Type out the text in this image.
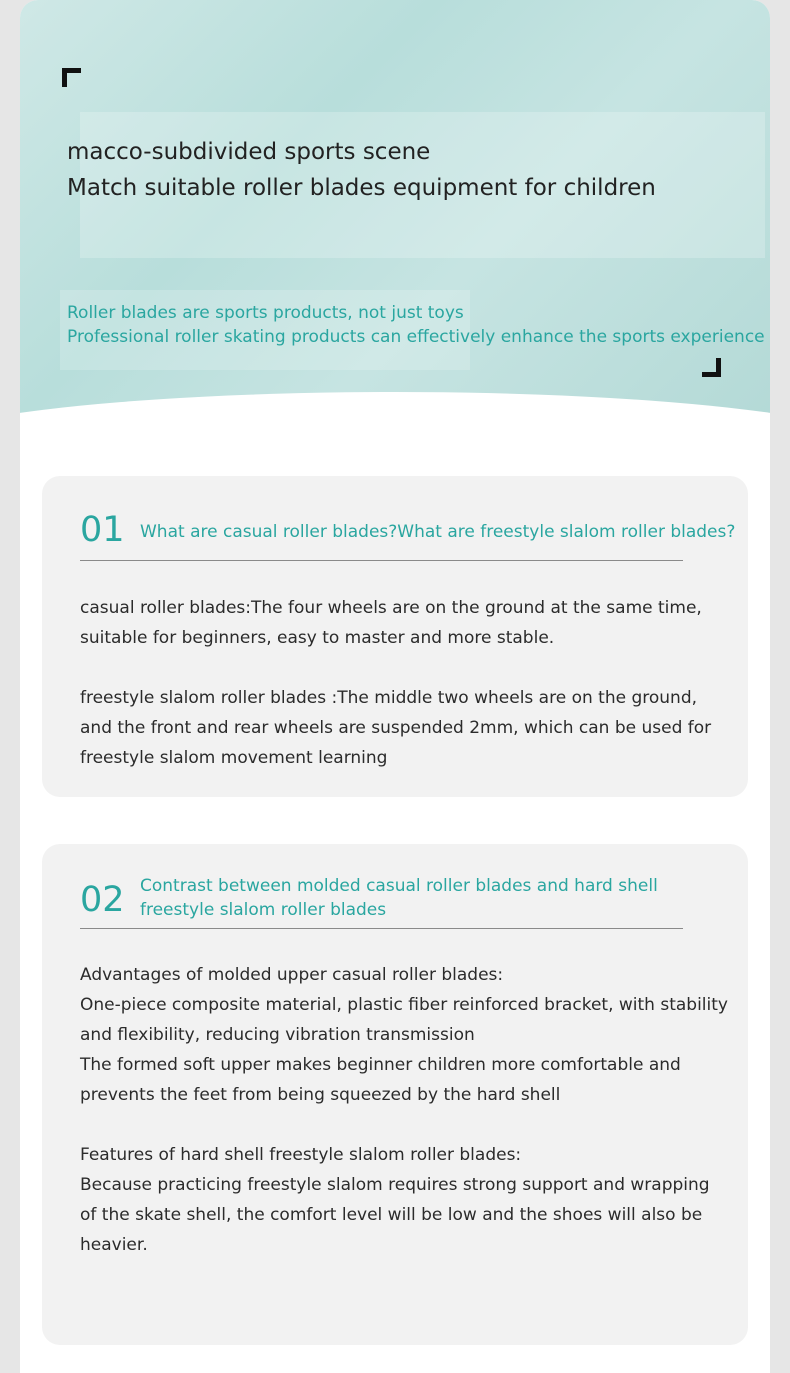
macco-subdivided sports scene
Match suitable roller blades equipment for children

Roller blades are sports products, not just toys
Professional roller skating products can effectively enhance the sports experience

01 What are casual roller blades?What are freestyle slalom roller blades?
casual roller blades:The four wheels are on the ground at the same time,
suitable for beginners, easy to master and more stable.
freestyle slalom roller blades :The middle two wheels are on the ground,
and the front and rear wheels are suspended 2mm, which can be used for
freestyle slalom movement learning
02 Contrast between molded casual roller blades and hard shell
freestyle slalom roller blades
Advantages of molded upper casual roller blades:
One-piece composite material, plastic fiber reinforced bracket, with stability
and flexibility, reducing vibration transmission
The formed soft upper makes beginner children more comfortable and
prevents the feet from being squeezed by the hard shell
Features of hard shell freestyle slalom roller blades:
Because practicing freestyle slalom requires strong support and wrapping
of the skate shell, the comfort level will be low and the shoes will also be
heavier.
